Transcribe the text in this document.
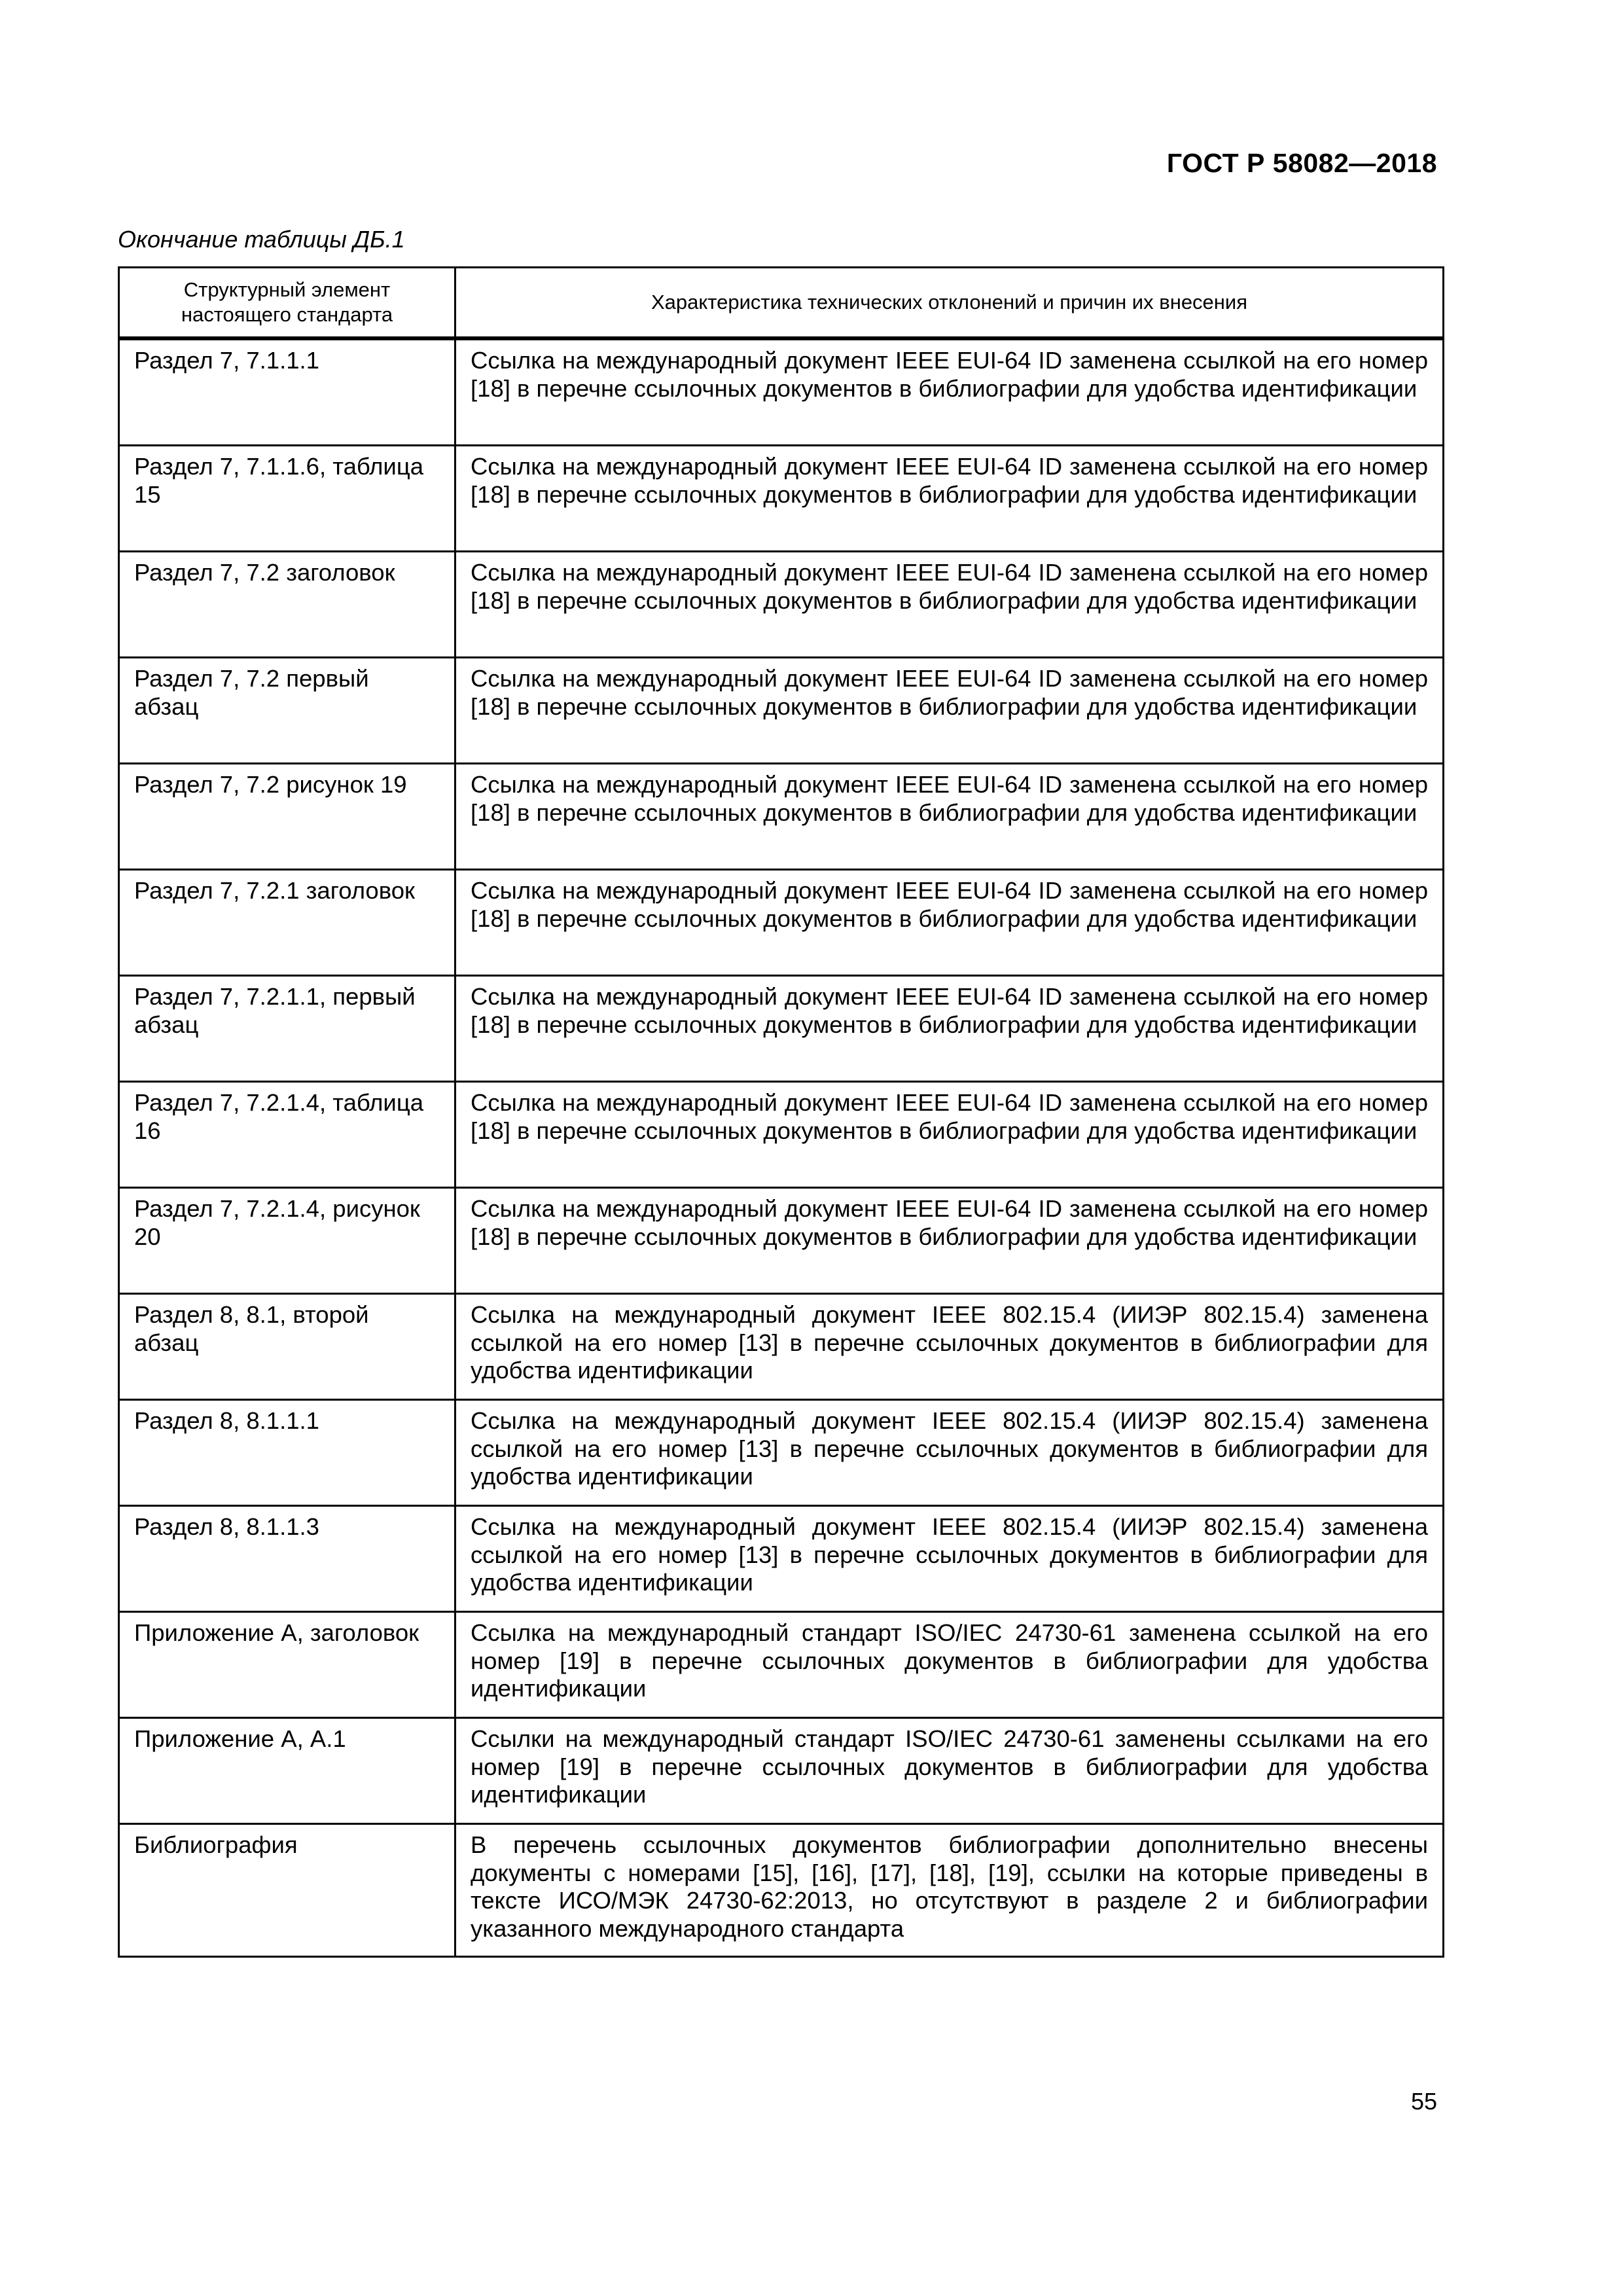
ГОСТ Р 58082—2018

Окончание таблицы ДБ.1

Структурный элемент настоящего стандарта	Характеристика технических отклонений и причин их внесения
Раздел 7, 7.1.1.1	Ссылка на международный документ IEEE EUI-64 ID заменена ссылкой на его номер [18] в перечне ссылочных документов в библиографии для удобства идентификации
Раздел 7, 7.1.1.6, таблица 15	Ссылка на международный документ IEEE EUI-64 ID заменена ссылкой на его номер [18] в перечне ссылочных документов в библиографии для удобства идентификации
Раздел 7, 7.2 заголовок	Ссылка на международный документ IEEE EUI-64 ID заменена ссылкой на его номер [18] в перечне ссылочных документов в библиографии для удобства идентификации
Раздел 7, 7.2 первый абзац	Ссылка на международный документ IEEE EUI-64 ID заменена ссылкой на его номер [18] в перечне ссылочных документов в библиографии для удобства идентификации
Раздел 7, 7.2 рисунок 19	Ссылка на международный документ IEEE EUI-64 ID заменена ссылкой на его номер [18] в перечне ссылочных документов в библиографии для удобства идентификации
Раздел 7, 7.2.1 заголовок	Ссылка на международный документ IEEE EUI-64 ID заменена ссылкой на его номер [18] в перечне ссылочных документов в библиографии для удобства идентификации
Раздел 7, 7.2.1.1, первый абзац	Ссылка на международный документ IEEE EUI-64 ID заменена ссылкой на его номер [18] в перечне ссылочных документов в библиографии для удобства идентификации
Раздел 7, 7.2.1.4, таблица 16	Ссылка на международный документ IEEE EUI-64 ID заменена ссылкой на его номер [18] в перечне ссылочных документов в библиографии для удобства идентификации
Раздел 7, 7.2.1.4, рисунок 20	Ссылка на международный документ IEEE EUI-64 ID заменена ссылкой на его номер [18] в перечне ссылочных документов в библиографии для удобства идентификации
Раздел 8, 8.1, второй абзац	Ссылка на международный документ IEEE 802.15.4 (ИИЭР 802.15.4) заменена ссылкой на его номер [13] в перечне ссылочных документов в библиографии для удобства идентификации
Раздел 8, 8.1.1.1	Ссылка на международный документ IEEE 802.15.4 (ИИЭР 802.15.4) заменена ссылкой на его номер [13] в перечне ссылочных документов в библиографии для удобства идентификации
Раздел 8, 8.1.1.3	Ссылка на международный документ IEEE 802.15.4 (ИИЭР 802.15.4) заменена ссылкой на его номер [13] в перечне ссылочных документов в библиографии для удобства идентификации
Приложение А, заголовок	Ссылка на международный стандарт ISO/IEC 24730-61 заменена ссылкой на его номер [19] в перечне ссылочных документов в библиографии для удобства идентификации
Приложение А, А.1	Ссылки на международный стандарт ISO/IEC 24730-61 заменены ссылками на его номер [19] в перечне ссылочных документов в библиографии для удобства идентификации
Библиография	В перечень ссылочных документов библиографии дополнительно внесены документы с номерами [15], [16], [17], [18], [19], ссылки на которые приведены в тексте ИСО/МЭК 24730-62:2013, но отсутствуют в разделе 2 и библиографии указанного международного стандарта

55
